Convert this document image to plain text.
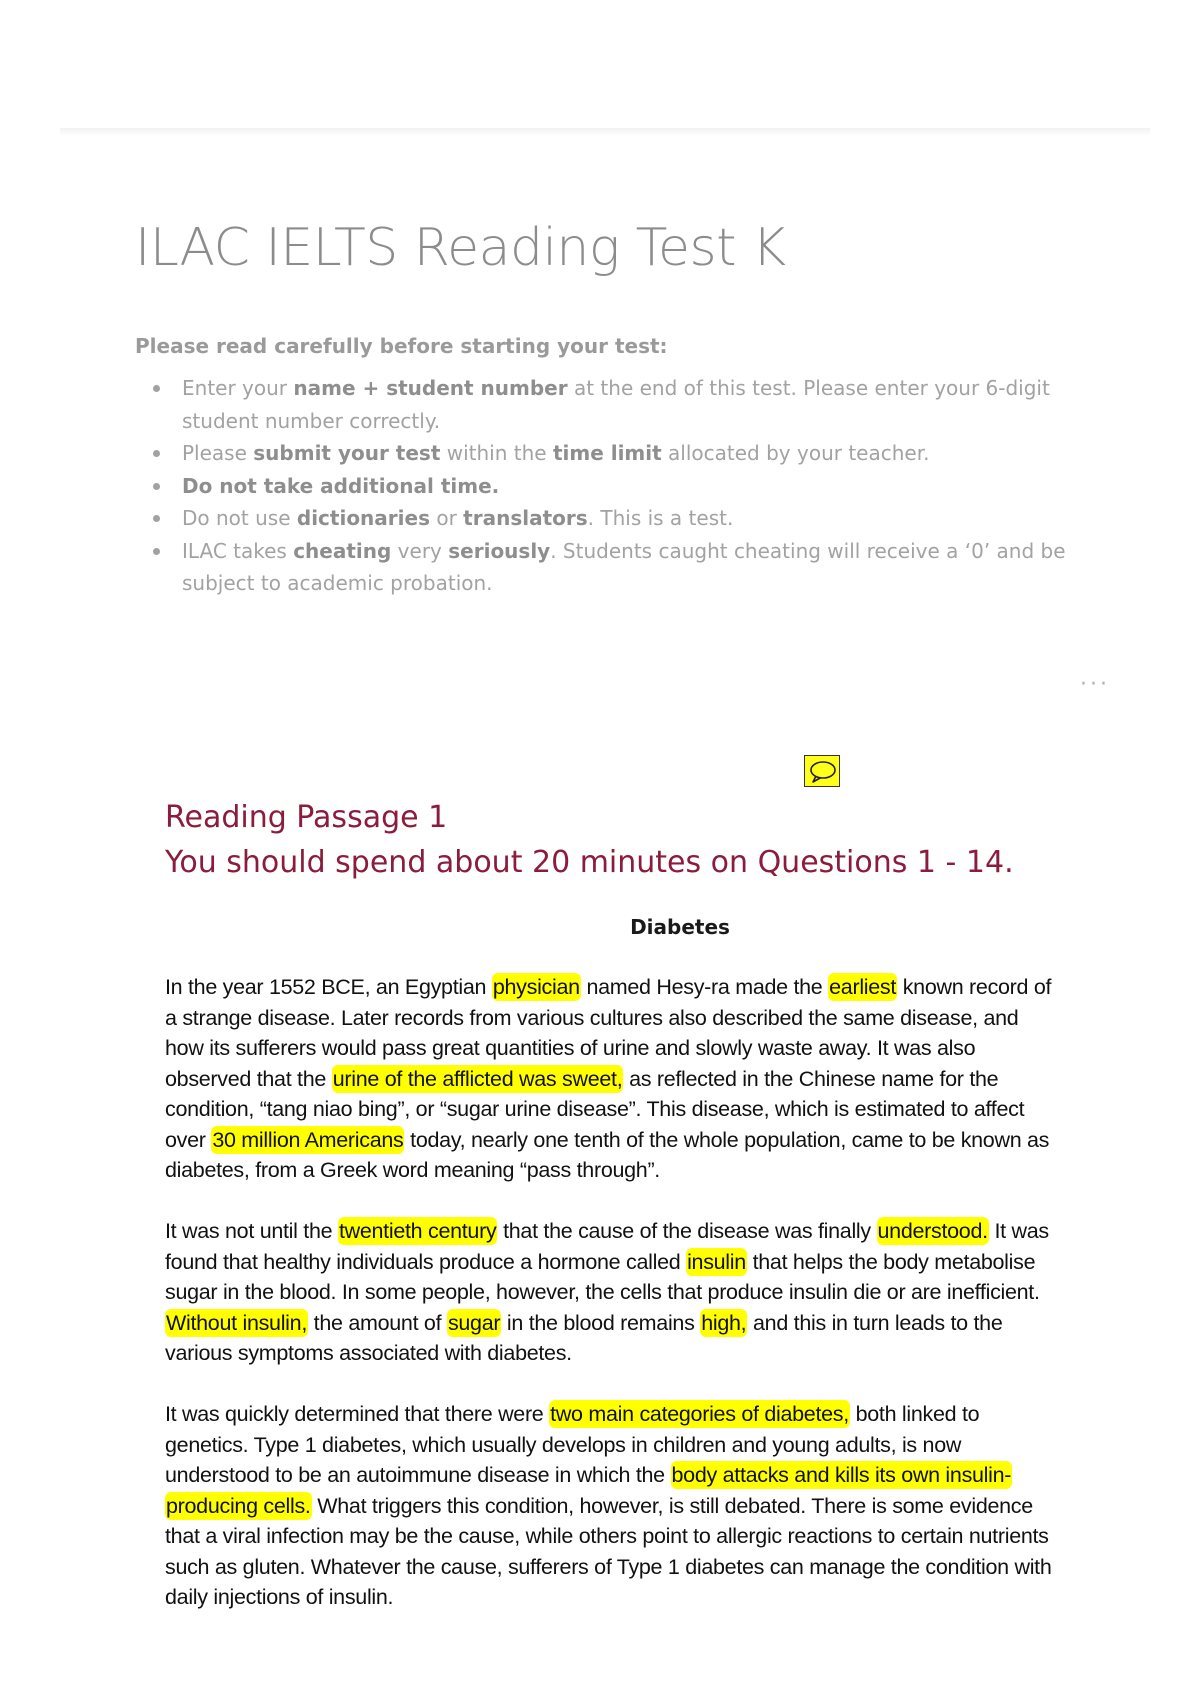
ILAC IELTS Reading Test K

Please read carefully before starting your test:

Enter your name + student number at the end of this test. Please enter your 6-digit student number correctly.
Please submit your test within the time limit allocated by your teacher.
Do not take additional time.
Do not use dictionaries or translators. This is a test.
ILAC takes cheating very seriously. Students caught cheating will receive a ‘0’ and be subject to academic probation.
···
Reading Passage 1
You should spend about 20 minutes on Questions 1 - 14.

Diabetes

In the year 1552 BCE, an Egyptian physician named Hesy-ra made the earliest known record of a strange disease. Later records from various cultures also described the same disease, and how its sufferers would pass great quantities of urine and slowly waste away. It was also observed that the urine of the afflicted was sweet, as reflected in the Chinese name for the condition, “tang niao bing”, or “sugar urine disease”. This disease, which is estimated to affect over 30 million Americans today, nearly one tenth of the whole population, came to be known as diabetes, from a Greek word meaning “pass through”.

It was not until the twentieth century that the cause of the disease was finally understood. It was found that healthy individuals produce a hormone called insulin that helps the body metabolise sugar in the blood. In some people, however, the cells that produce insulin die or are inefficient. Without insulin, the amount of sugar in the blood remains high, and this in turn leads to the various symptoms associated with diabetes.

It was quickly determined that there were two main categories of diabetes, both linked to genetics. Type 1 diabetes, which usually develops in children and young adults, is now understood to be an autoimmune disease in which the body attacks and kills its own insulin-producing cells. What triggers this condition, however, is still debated. There is some evidence that a viral infection may be the cause, while others point to allergic reactions to certain nutrients such as gluten. Whatever the cause, sufferers of Type 1 diabetes can manage the condition with daily injections of insulin.
